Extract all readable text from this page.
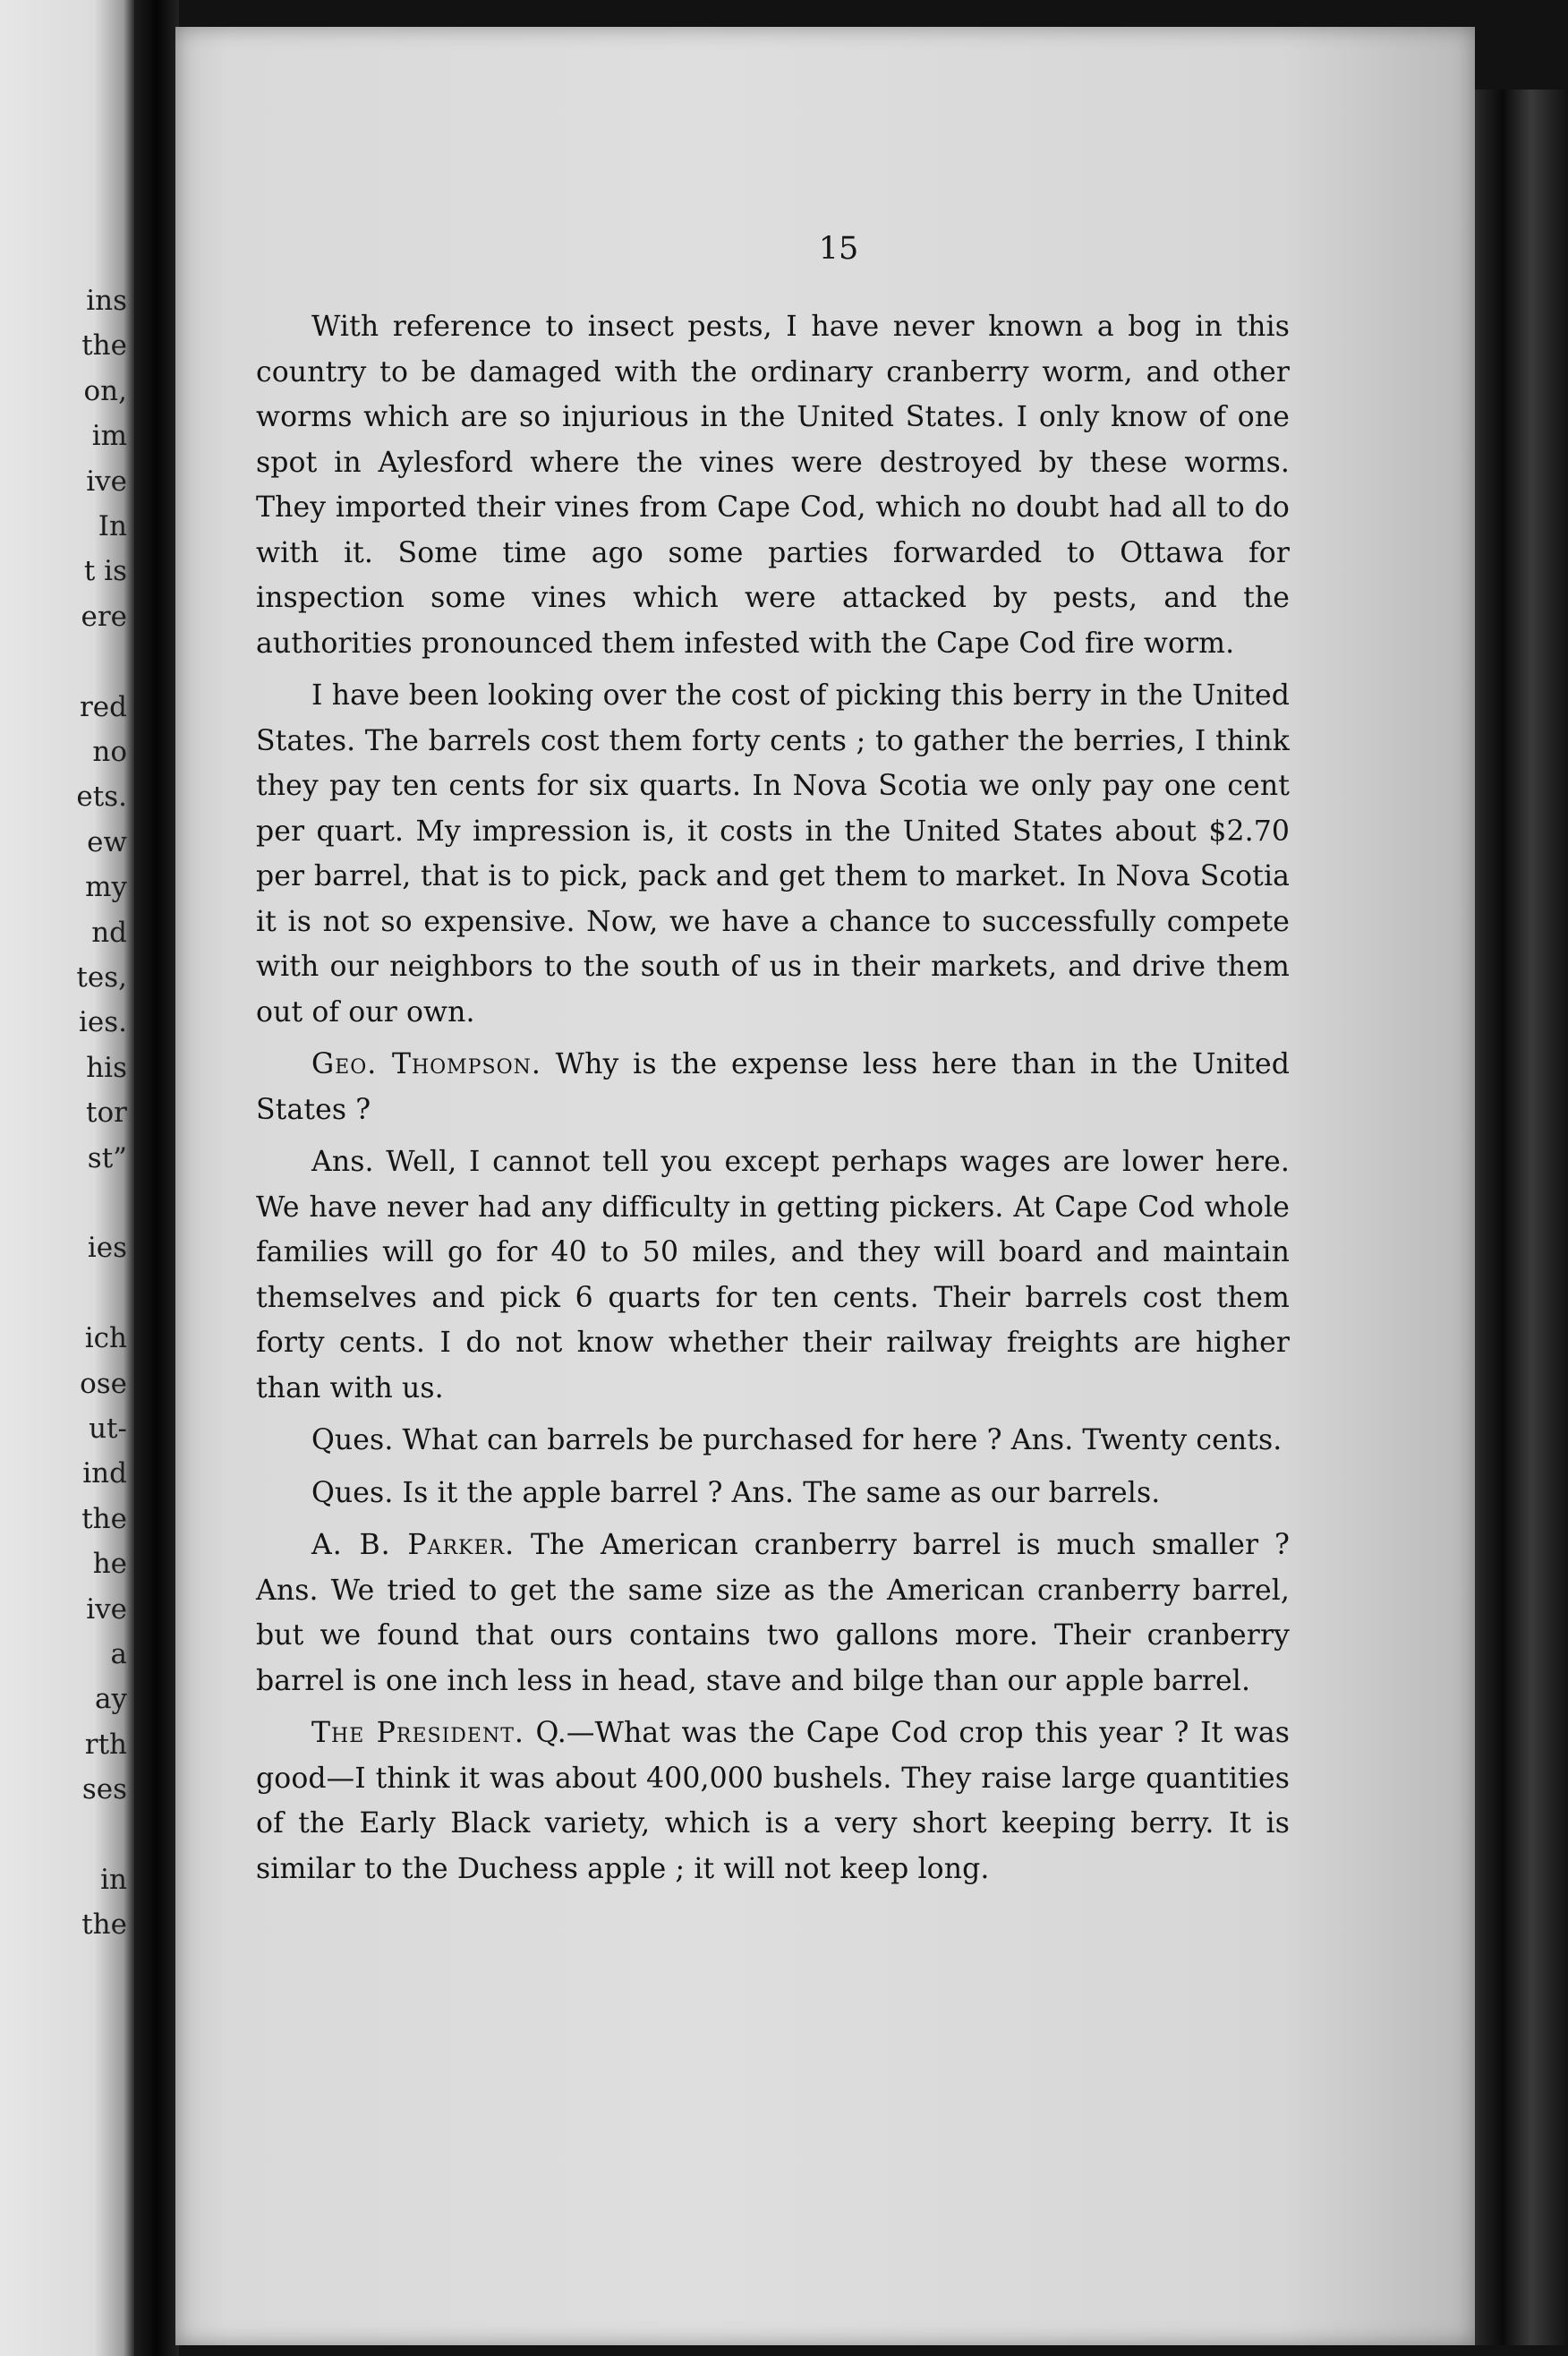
ins
the
on,
im
ive
In
t is
ere
red
no
ets.
ew
my
nd
tes,
ies.
his
tor
st”
ies
ich
ose
ut-
ind
the
he
ive
a
ay
rth
ses
in
the
15

With reference to insect pests, I have never known a bog in this country to be damaged with the ordinary cranberry worm, and other worms which are so injurious in the United States. I only know of one spot in Aylesford where the vines were destroyed by these worms. They imported their vines from Cape Cod, which no doubt had all to do with it. Some time ago some parties forwarded to Ottawa for inspection some vines which were attacked by pests, and the authorities pronounced them infested with the Cape Cod fire worm.

I have been looking over the cost of picking this berry in the United States. The barrels cost them forty cents ; to gather the berries, I think they pay ten cents for six quarts. In Nova Scotia we only pay one cent per quart. My impression is, it costs in the United States about $2.70 per barrel, that is to pick, pack and get them to market. In Nova Scotia it is not so expensive. Now, we have a chance to successfully compete with our neighbors to the south of us in their markets, and drive them out of our own.

Geo. Thompson. Why is the expense less here than in the United States ?

Ans. Well, I cannot tell you except perhaps wages are lower here. We have never had any difficulty in getting pickers. At Cape Cod whole families will go for 40 to 50 miles, and they will board and maintain themselves and pick 6 quarts for ten cents. Their barrels cost them forty cents. I do not know whether their railway freights are higher than with us.

Ques. What can barrels be purchased for here ? Ans. Twenty cents.

Ques. Is it the apple barrel ? Ans. The same as our barrels.

A. B. Parker. The American cranberry barrel is much smaller ? Ans. We tried to get the same size as the American cranberry barrel, but we found that ours contains two gallons more. Their cranberry barrel is one inch less in head, stave and bilge than our apple barrel.

The President. Q.—What was the Cape Cod crop this year ? It was good—I think it was about 400,000 bushels. They raise large quantities of the Early Black variety, which is a very short keeping berry. It is similar to the Duchess apple ; it will not keep long.
